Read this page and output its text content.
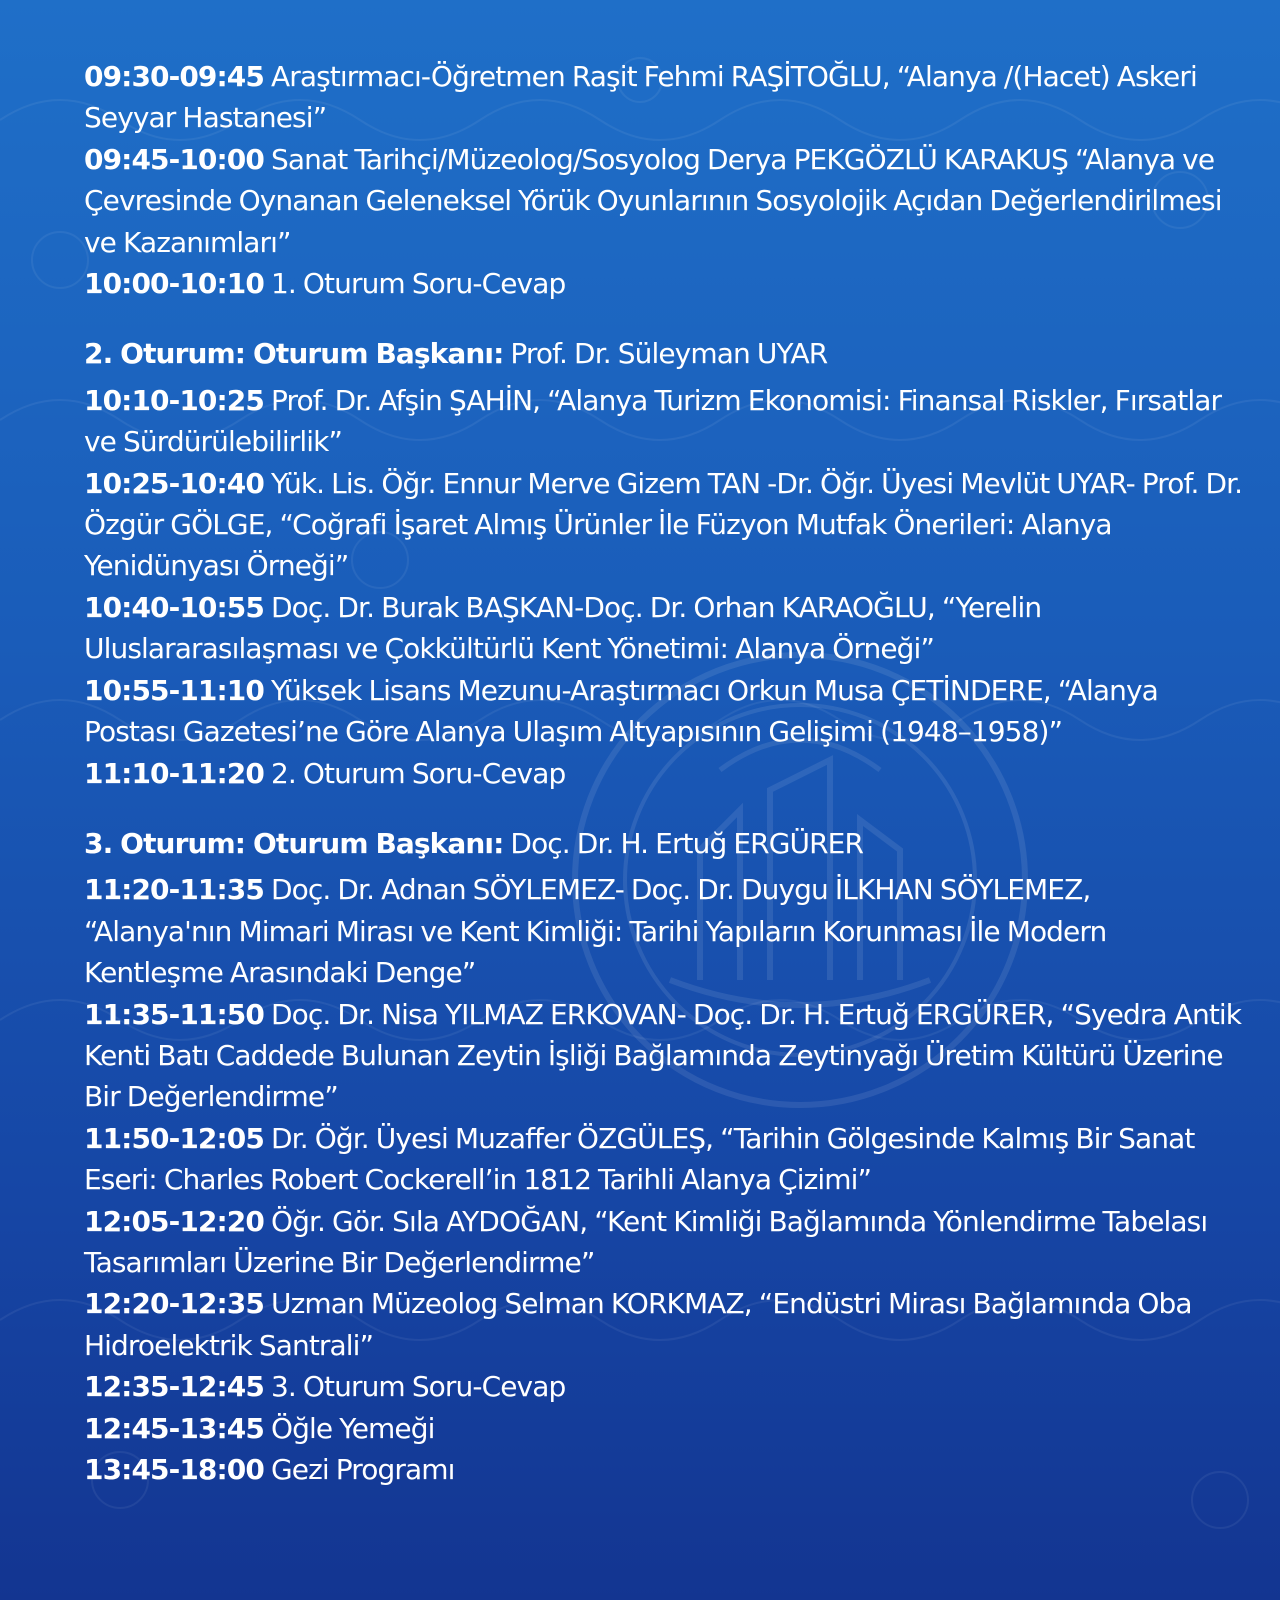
09:30-09:45 Araştırmacı-Öğretmen Raşit Fehmi RAŞİTOĞLU, “Alanya /(Hacet) Askeri Seyyar Hastanesi”

09:45-10:00 Sanat Tarihçi/Müzeolog/Sosyolog Derya PEKGÖZLÜ KARAKUŞ “Alanya ve Çevresinde Oynanan Geleneksel Yörük Oyunlarının Sosyolojik Açıdan Değerlendirilmesi ve Kazanımları”

10:00-10:10 1. Oturum Soru-Cevap

2. Oturum: Oturum Başkanı: Prof. Dr. Süleyman UYAR

10:10-10:25 Prof. Dr. Afşin ŞAHİN, “Alanya Turizm Ekonomisi: Finansal Riskler, Fırsatlar ve Sürdürülebilirlik”

10:25-10:40 Yük. Lis. Öğr. Ennur Merve Gizem TAN -Dr. Öğr. Üyesi Mevlüt UYAR- Prof. Dr. Özgür GÖLGE, “Coğrafi İşaret Almış Ürünler İle Füzyon Mutfak Önerileri: Alanya Yenidünyası Örneği”

10:40-10:55 Doç. Dr. Burak BAŞKAN-Doç. Dr. Orhan KARAOĞLU, “Yerelin Uluslararasılaşması ve Çokkültürlü Kent Yönetimi: Alanya Örneği”

10:55-11:10 Yüksek Lisans Mezunu-Araştırmacı Orkun Musa ÇETİNDERE, “Alanya Postası Gazetesi’ne Göre Alanya Ulaşım Altyapısının Gelişimi (1948–1958)”

11:10-11:20 2. Oturum Soru-Cevap

3. Oturum: Oturum Başkanı: Doç. Dr. H. Ertuğ ERGÜRER

11:20-11:35 Doç. Dr. Adnan SÖYLEMEZ- Doç. Dr. Duygu İLKHAN SÖYLEMEZ, “Alanya'nın Mimari Mirası ve Kent Kimliği: Tarihi Yapıların Korunması İle Modern Kentleşme Arasındaki Denge”

11:35-11:50 Doç. Dr. Nisa YILMAZ ERKOVAN- Doç. Dr. H. Ertuğ ERGÜRER, “Syedra Antik Kenti Batı Caddede Bulunan Zeytin İşliği Bağlamında Zeytinyağı Üretim Kültürü Üzerine Bir Değerlendirme”

11:50-12:05 Dr. Öğr. Üyesi Muzaffer ÖZGÜLEŞ, “Tarihin Gölgesinde Kalmış Bir Sanat Eseri: Charles Robert Cockerell’in 1812 Tarihli Alanya Çizimi”

12:05-12:20 Öğr. Gör. Sıla AYDOĞAN, “Kent Kimliği Bağlamında Yönlendirme Tabelası Tasarımları Üzerine Bir Değerlendirme”

12:20-12:35 Uzman Müzeolog Selman KORKMAZ, “Endüstri Mirası Bağlamında Oba Hidroelektrik Santrali”

12:35-12:45 3. Oturum Soru-Cevap

12:45-13:45 Öğle Yemeği

13:45-18:00 Gezi Programı
